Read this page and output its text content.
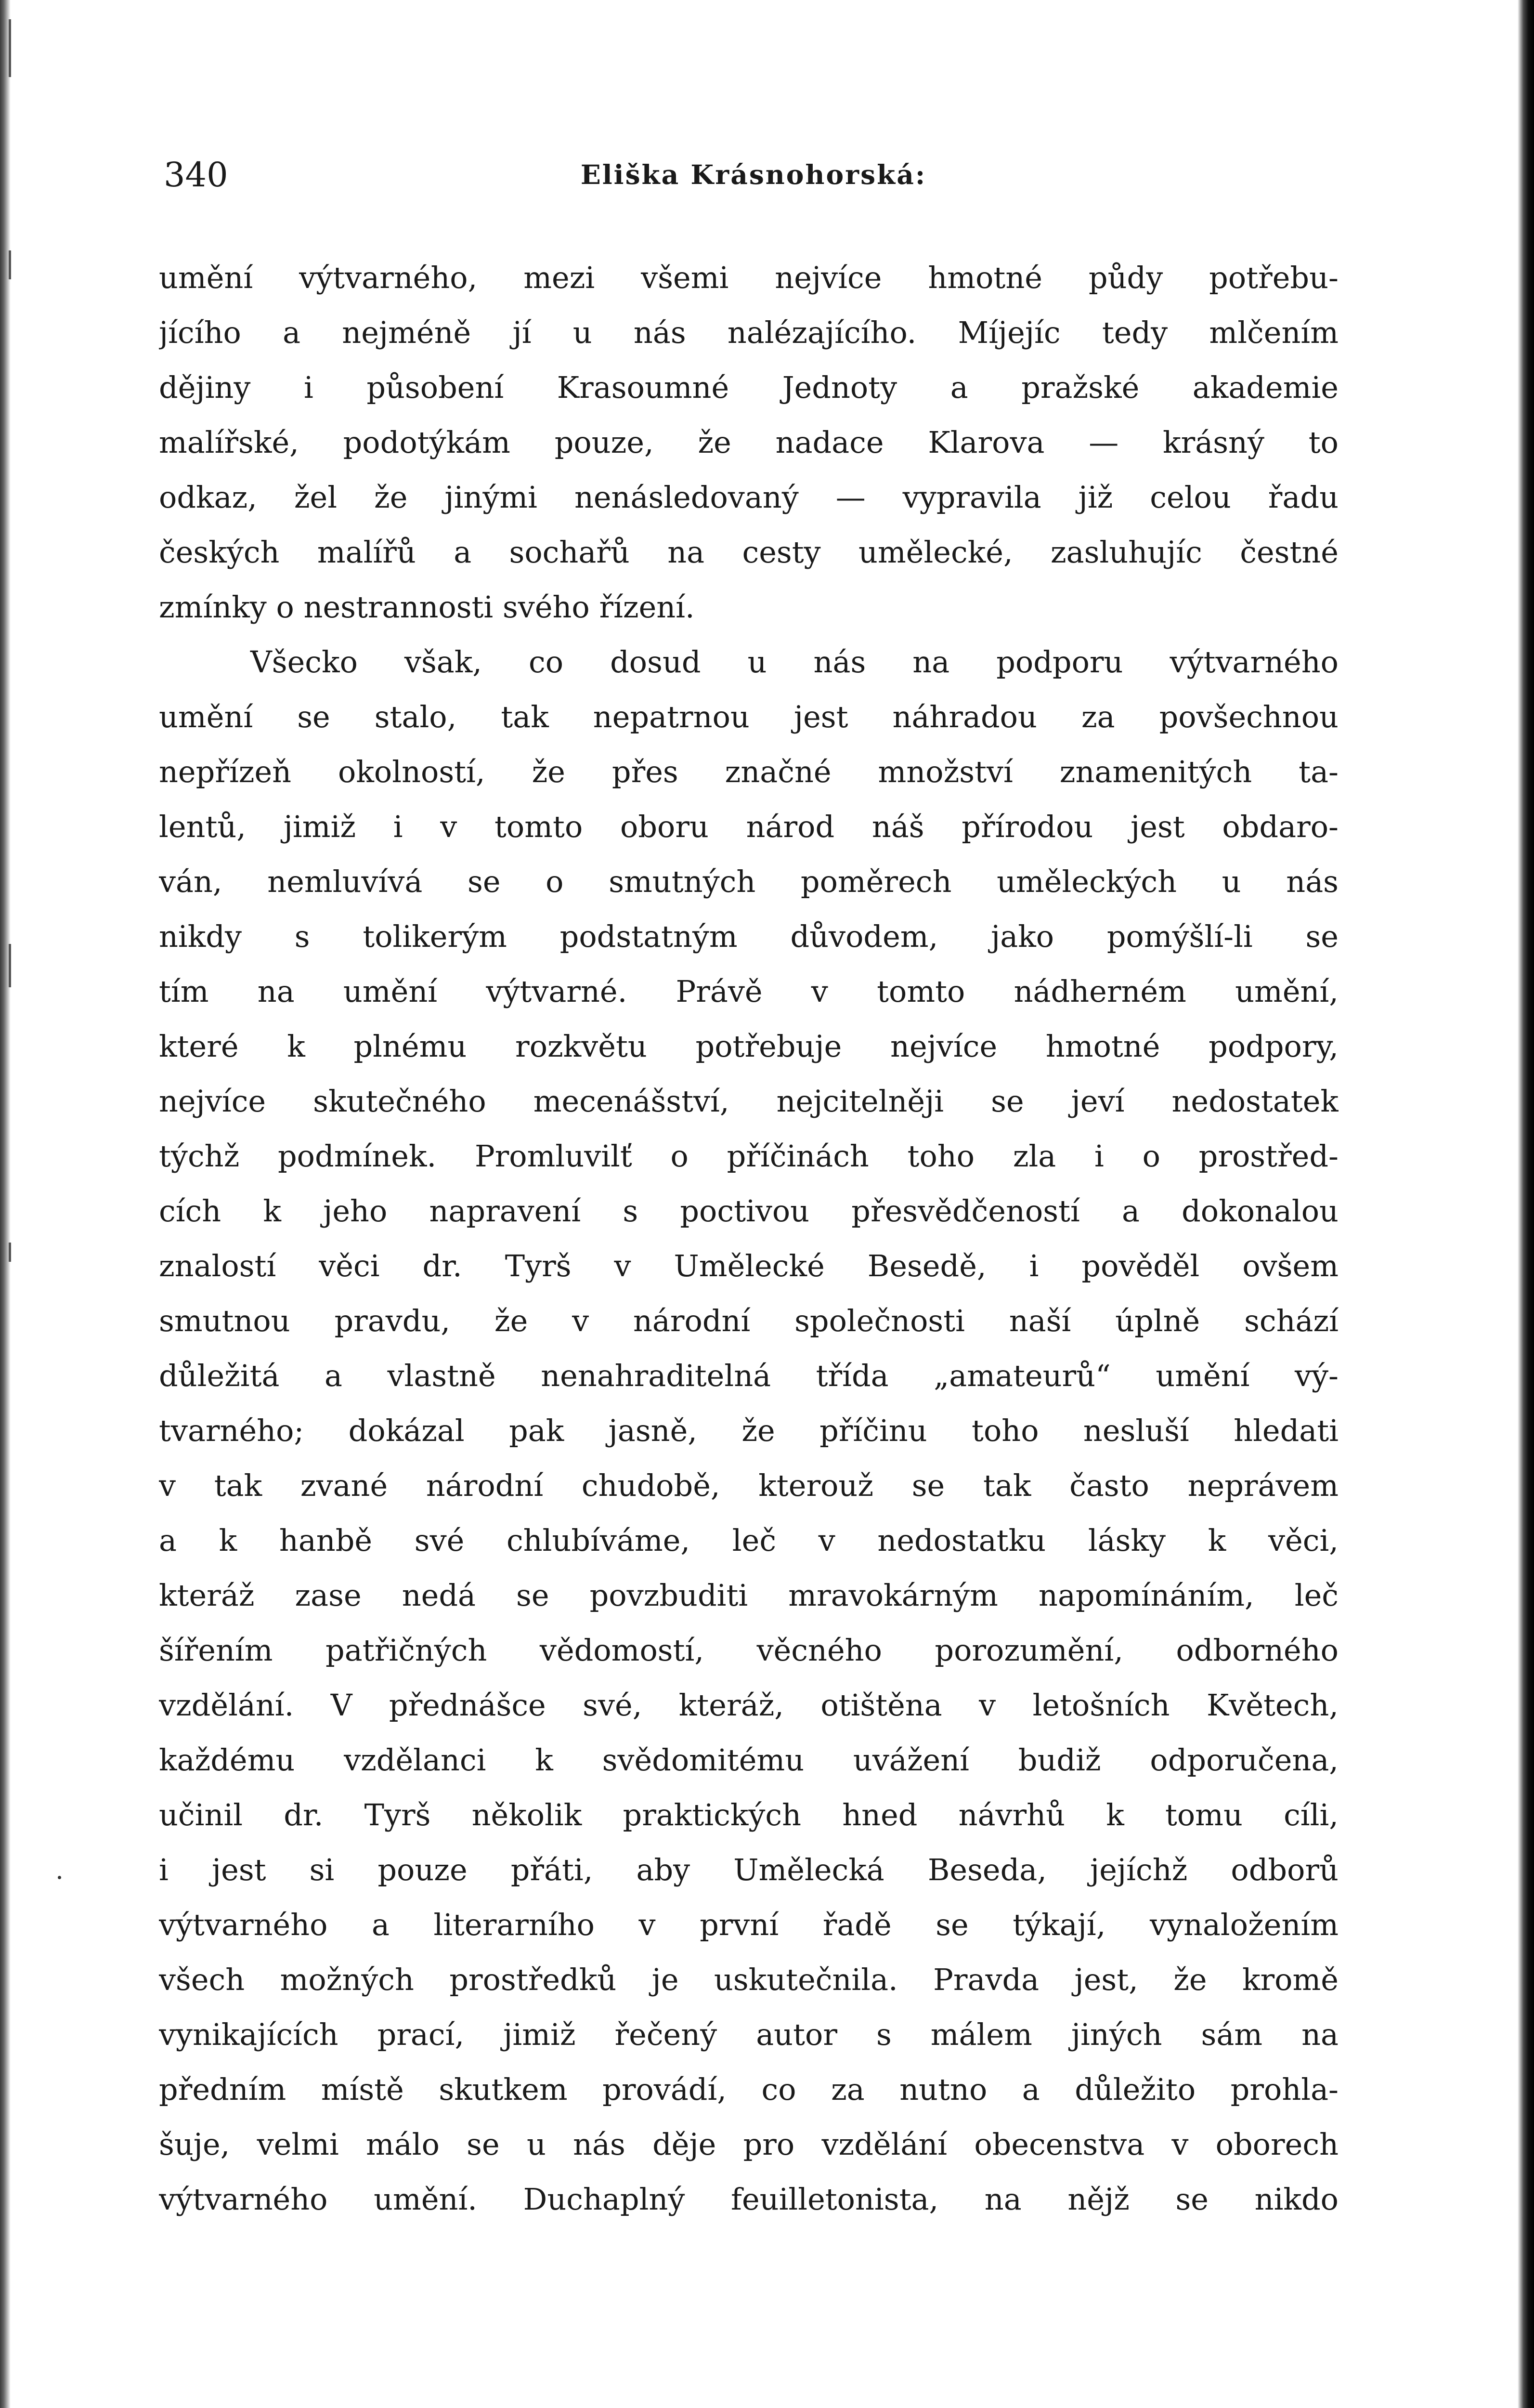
340	Eliška Krásnohorská:
umění výtvarného, mezi všemi nejvíce hmotné půdy potřebu-
jícího a nejméně jí u nás nalézajícího. Míjejíc tedy mlčením
dějiny i působení Krasoumné Jednoty a pražské akademie
malířské, podotýkám pouze, že nadace Klarova — krásný to
odkaz, žel že jinými nenásledovaný — vypravila již celou řadu
českých malířů a sochařů na cesty umělecké, zasluhujíc čestné
zmínky o nestrannosti svého řízení.
Všecko však, co dosud u nás na podporu výtvarného
umění se stalo, tak nepatrnou jest náhradou za povšechnou
nepřízeň okolností, že přes značné množství znamenitých ta-
lentů, jimiž i v tomto oboru národ náš přírodou jest obdaro-
ván, nemluvívá se o smutných poměrech uměleckých u nás
nikdy s tolikerým podstatným důvodem, jako pomýšlí-li se
tím na umění výtvarné. Právě v tomto nádherném umění,
které k plnému rozkvětu potřebuje nejvíce hmotné podpory,
nejvíce skutečného mecenášství, nejcitelněji se jeví nedostatek
týchž podmínek. Promluvilť o příčinách toho zla i o prostřed-
cích k jeho napravení s poctivou přesvědčeností a dokonalou
znalostí věci dr. Tyrš v Umělecké Besedě, i pověděl ovšem
smutnou pravdu, že v národní společnosti naší úplně schází
důležitá a vlastně nenahraditelná třída „amateurů“ umění vý-
tvarného; dokázal pak jasně, že příčinu toho nesluší hledati
v tak zvané národní chudobě, kterouž se tak často neprávem
a k hanbě své chlubíváme, leč v nedostatku lásky k věci,
kteráž zase nedá se povzbuditi mravokárným napomínáním, leč
šířením patřičných vědomostí, věcného porozumění, odborného
vzdělání. V přednášce své, kteráž, otištěna v letošních Květech,
každému vzdělanci k svědomitému uvážení budiž odporučena,
učinil dr. Tyrš několik praktických hned návrhů k tomu cíli,
i jest si pouze přáti, aby Umělecká Beseda, jejíchž odborů
výtvarného a literarního v první řadě se týkají, vynaložením
všech možných prostředků je uskutečnila. Pravda jest, že kromě
vynikajících prací, jimiž řečený autor s málem jiných sám na
předním místě skutkem provádí, co za nutno a důležito prohla-
šuje, velmi málo se u nás děje pro vzdělání obecenstva v oborech
výtvarného umění. Duchaplný feuilletonista, na nějž se nikdo
